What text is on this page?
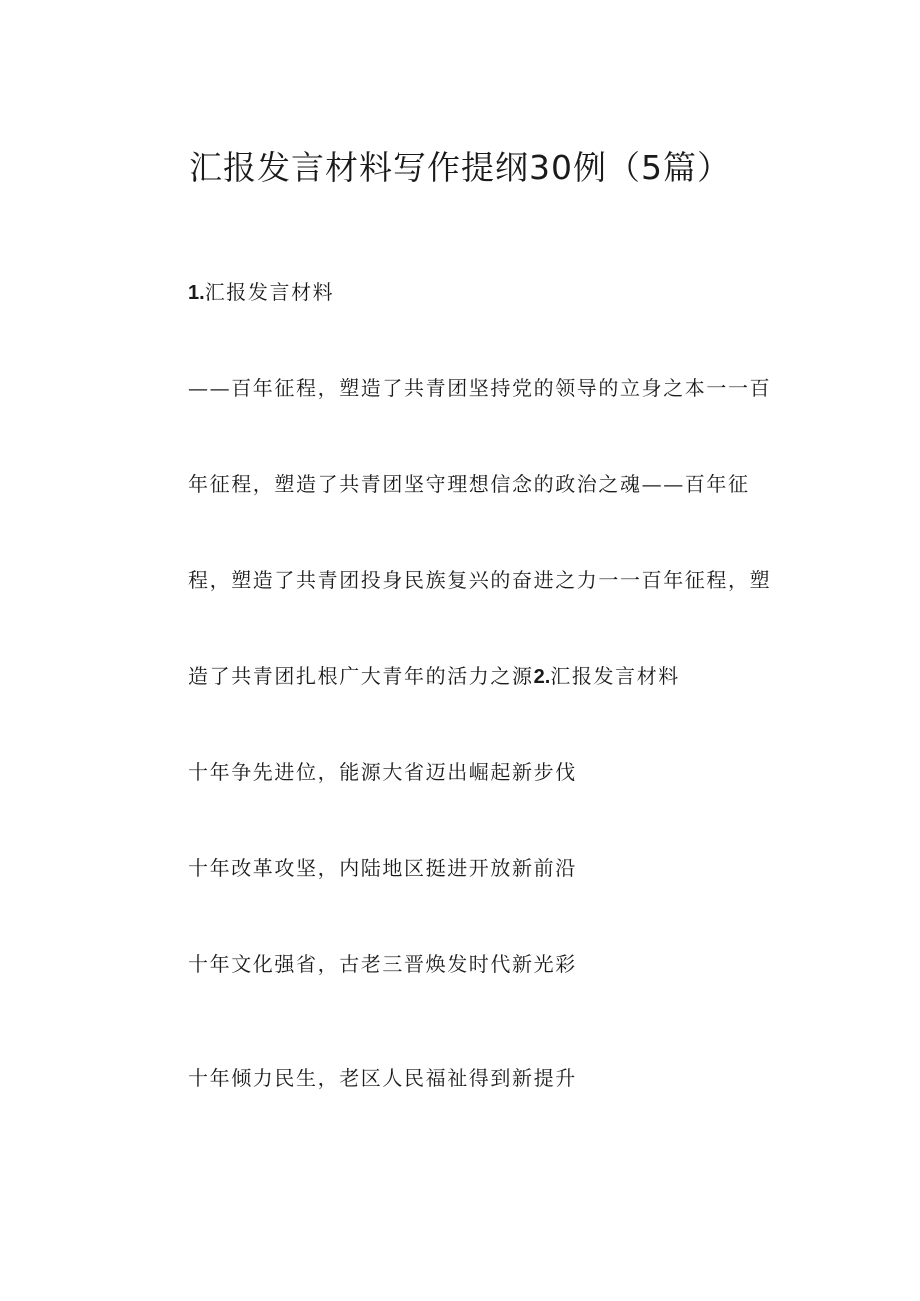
汇报发言材料写作提纲30例（5篇）
1.汇报发言材料
——百年征程，塑造了共青团坚持党的领导的立身之本一一百
年征程，塑造了共青团坚守理想信念的政治之魂——百年征
程，塑造了共青团投身民族复兴的奋进之力一一百年征程，塑
造了共青团扎根广大青年的活力之源2.汇报发言材料
十年争先进位，能源大省迈出崛起新步伐
十年改革攻坚，内陆地区挺进开放新前沿
十年文化强省，古老三晋焕发时代新光彩
十年倾力民生，老区人民福祉得到新提升
